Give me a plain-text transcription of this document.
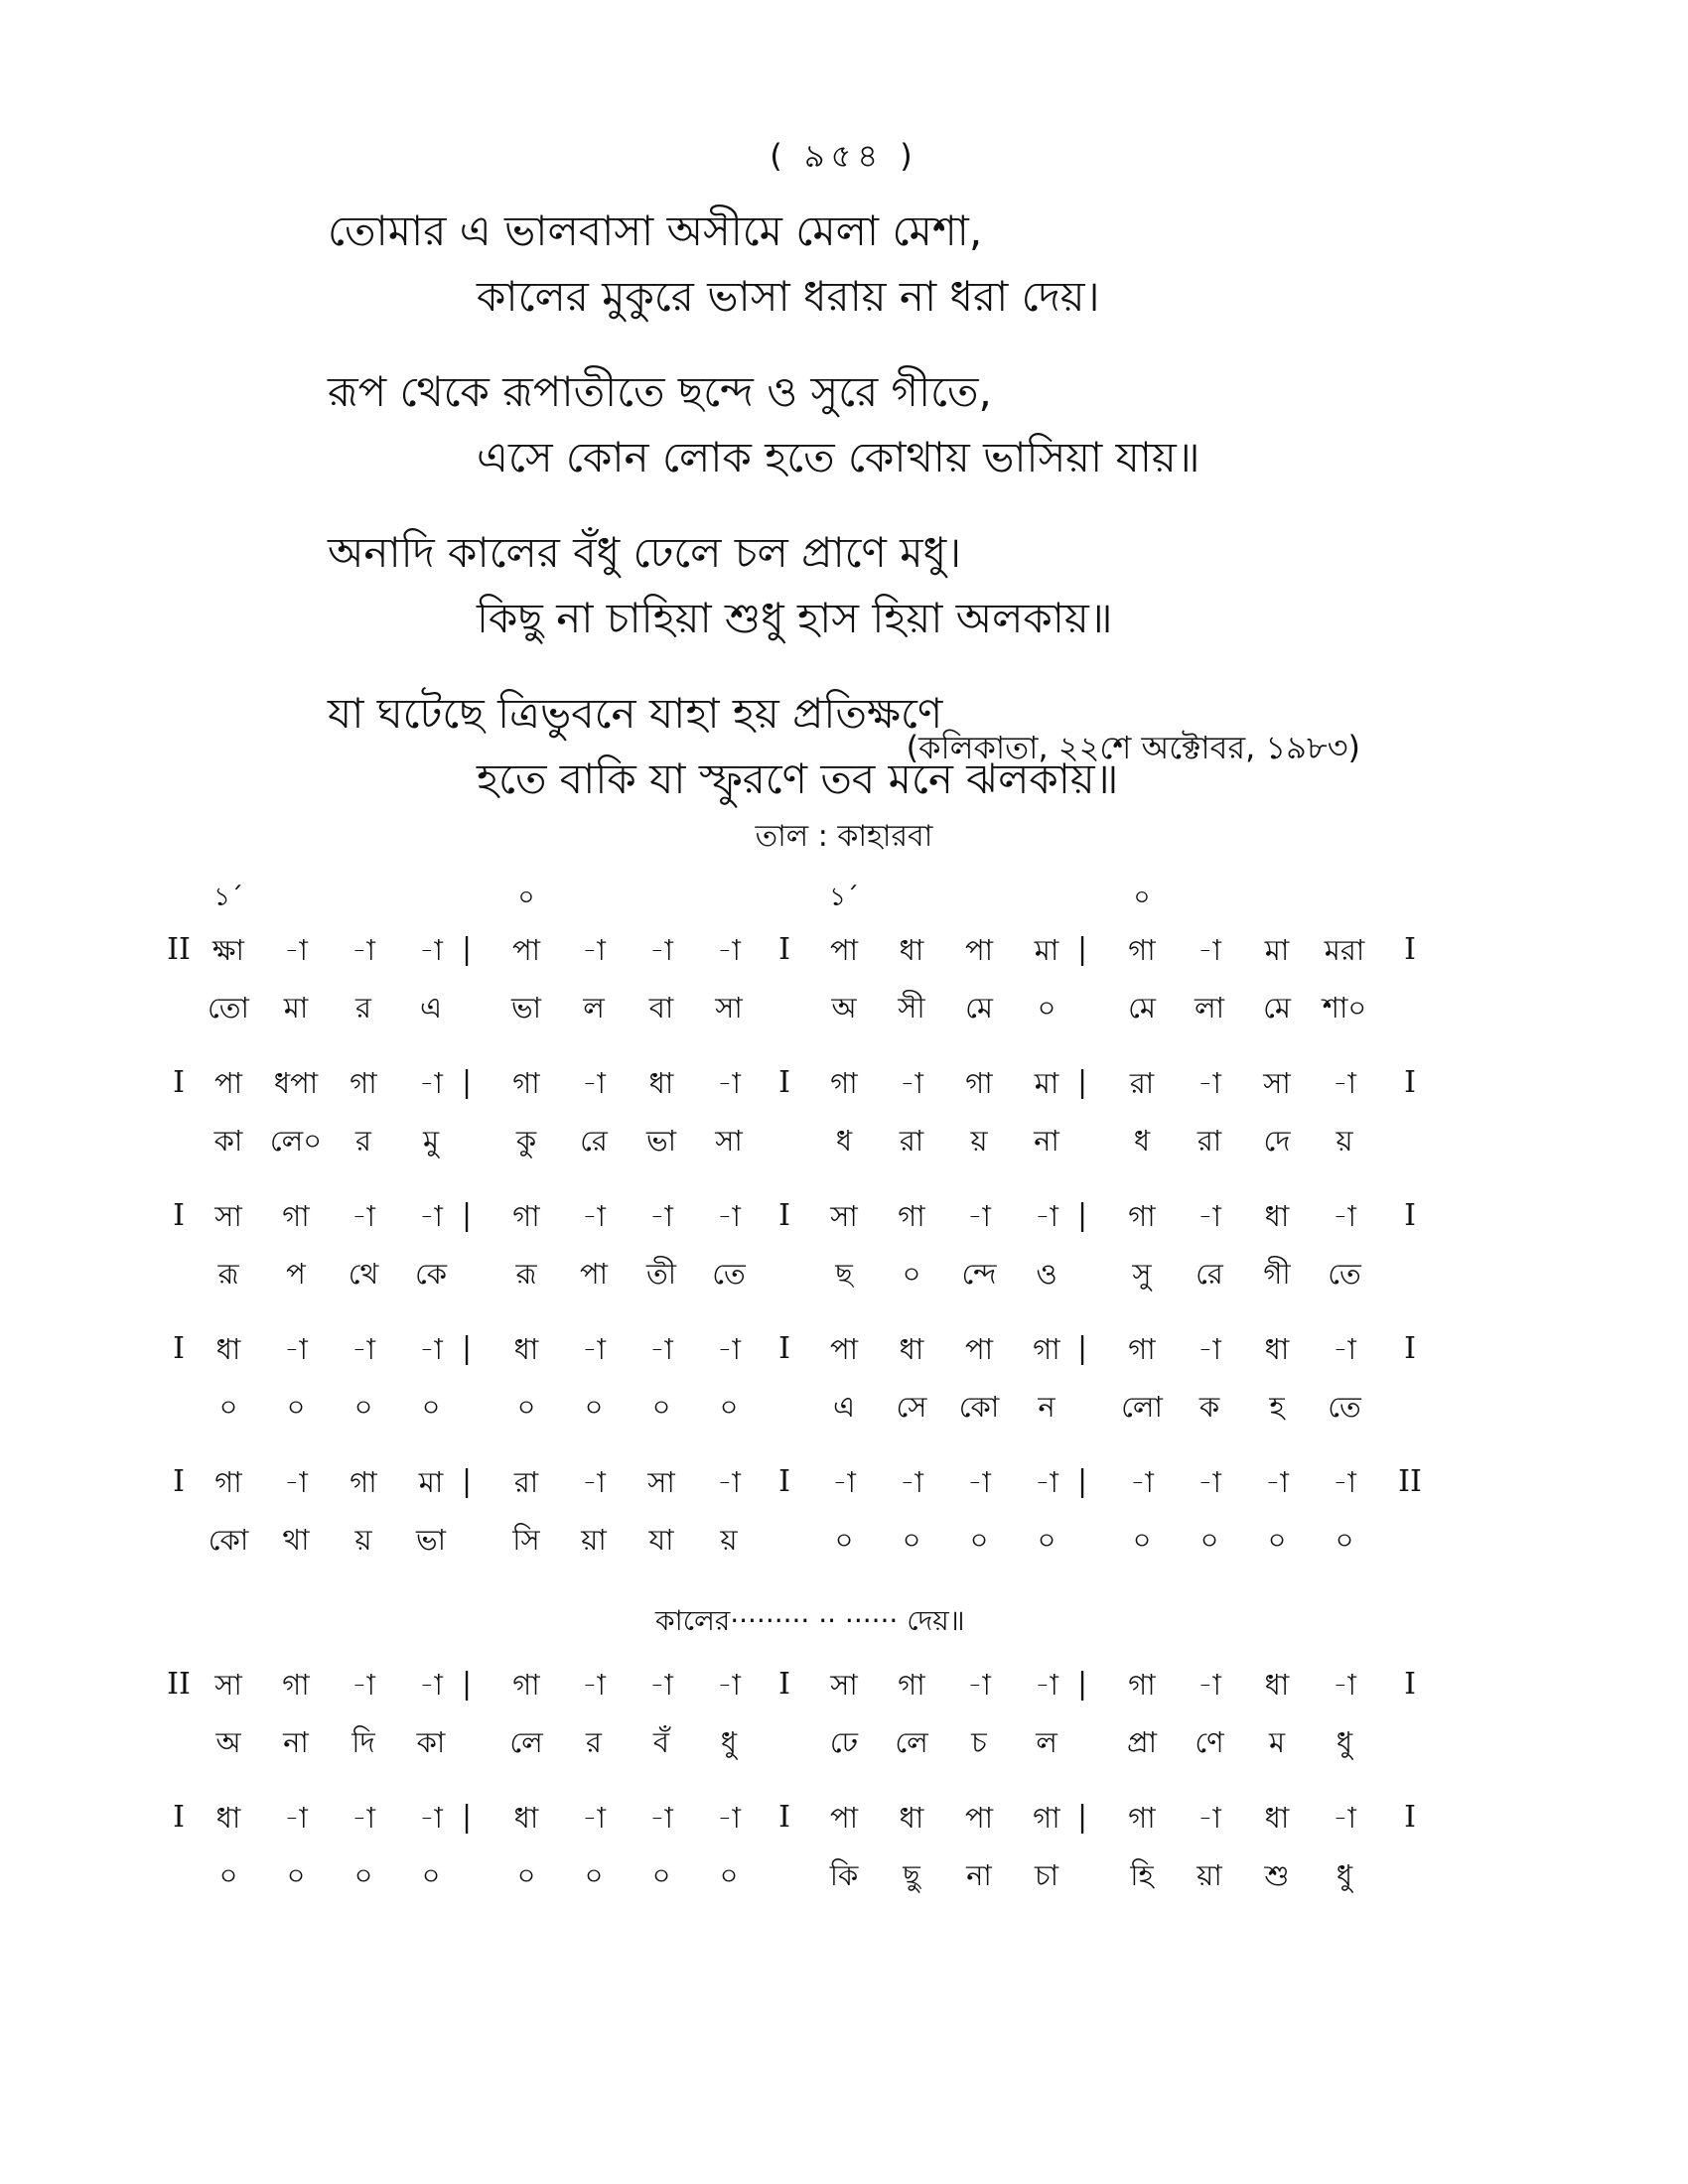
( ৯৫৪ )
তোমার এ ভালবাসা অসীমে মেলা মেশা,
কালের মুকুরে ভাসা ধরায় না ধরা দেয়।
রূপ থেকে রূপাতীতে ছন্দে ও সুরে গীতে,
এসে কোন লোক হতে কোথায় ভাসিয়া যায়॥
অনাদি কালের বঁধু ঢেলে চল প্রাণে মধু।
কিছু না চাহিয়া শুধু হাস হিয়া অলকায়॥
যা ঘটেছে ত্রিভুবনে যাহা হয় প্রতিক্ষণে
হতে বাকি যা স্ফুরণে তব মনে ঝলকায়॥
(কলিকাতা, ২২শে অক্টোবর, ১৯৮৩)
তাল : কাহারবা
১´	০	১´	০
II	|	I	|	I
ক্ষা	-া	-া	-া	পা	-া	-া	-া	পা	ধা	পা	মা	গা	-া	মা	মরা
তো	মা	র	এ	ভা	ল	বা	সা	অ	সী	মে	০	মে	লা	মে	শা০
I	|	I	|	I
পা	ধপা	গা	-া	গা	-া	ধা	-া	গা	-া	গা	মা	রা	-া	সা	-া
কা লে০	র	মু	কু	রে	ভা	সা	ধ	রা	য়	না	ধ	রা	দে	য়
I	|	I	|	I
সা	গা	-া	-া	গা	-া	-া	-া	সা	গা	-া	-া	গা	-া	ধা	-া
রূ	প	থে	কে	রূ	পা	তী	তে	ছ	০	ন্দে	ও	সু	রে	গী	তে
I	|	I	|	I
ধা	-া	-া	-া	ধা	-া	-া	-া	পা	ধা	পা	গা	গা	-া	ধা	-া
০	০	০	০	০	০	০	০	এ	সে	কো	ন	লো	ক	হ	তে
I	|	I	|	II
গা	-া	গা	মা	রা	-া	সা	-া	-া	-া	-া	-া	-া	-া	-া	-া
কো	থা	য়	ভা	সি	য়া	যা	য়	০	০	০	০	০	০	০	০
কালের········· ·· ······ দেয়॥
II	|	I	|	I
সা	গা	-া	-া	গা	-া	-া	-া	সা	গা	-া	-া	গা	-া	ধা	-া
অ	না	দি	কা	লে	র	বঁ	ধু	ঢে	লে	চ	ল	প্রা	ণে	ম	ধু
I	|	I	|	I
ধা	-া	-া	-া	ধা	-া	-া	-া	পা	ধা	পা	গা	গা	-া	ধা	-া
০	০	০	০	০	০	০	০	কি	ছু	না	চা	হি	য়া	শু	ধু
